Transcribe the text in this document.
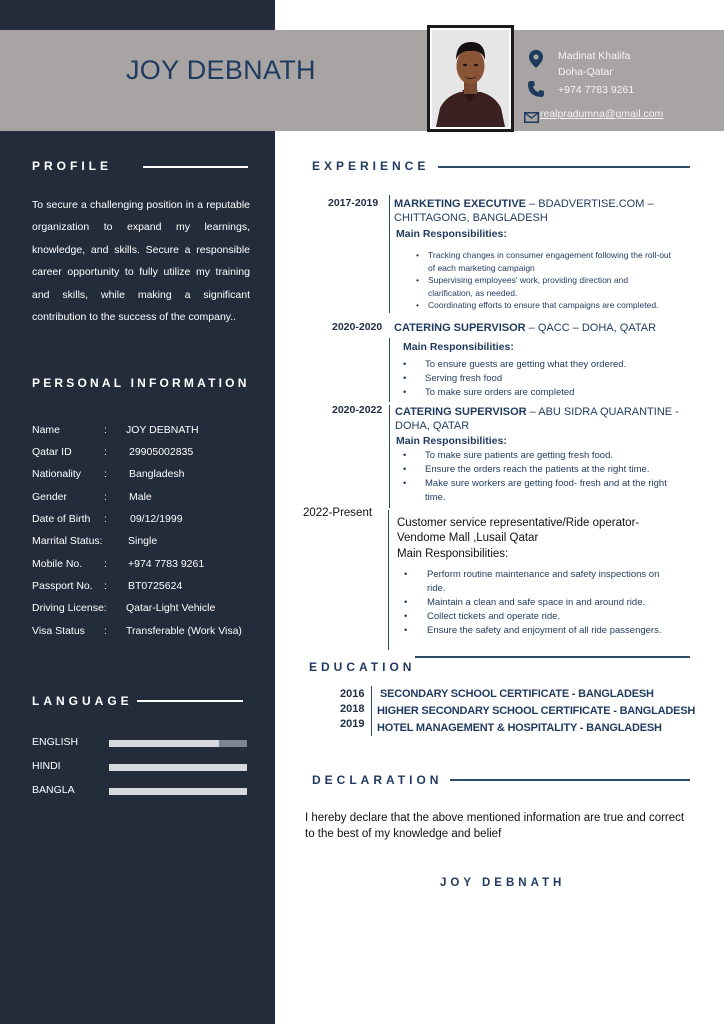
JOY DEBNATH	Madinat Khalifa
Doha-Qatar
+974 7783 9261
realpradumna@gmail.com
PROFILE
To secure a challenging position in a reputable organization to expand my learnings, knowledge, and skills. Secure a responsible career opportunity to fully utilize my training and skills, while making a significant contribution to the success of the company..
PERSONAL INFORMATION
Name	: JOY DEBNATH
Qatar ID	: 29905002835
Nationality : Bangladesh
Gender	: Male
Date of Birth : 09/12/1999
Marrital Status: Single
Mobile No. : +974 7783 9261
Passport No. : BT0725624
Driving License: Qatar-Light Vehicle
Visa Status : Transferable (Work Visa)
LANGUAGE
ENGLISH
HINDI
BANGLA
EXPERIENCE
2017-2019 MARKETING EXECUTIVE – BDADVERTISE.COM – CHITTAGONG, BANGLADESH
Main Responsibilities:
• Tracking changes in consumer engagement following the roll-out of each marketing campaign
• Supervising employees' work, providing direction and clarification, as needed.
• Coordinating efforts to ensure that campaigns are completed.
2020-2020 CATERING SUPERVISOR – QACC – DOHA, QATAR
Main Responsibilities:
• To ensure guests are getting what they ordered.
• Serving fresh food
• To make sure orders are completed
2020-2022 CATERING SUPERVISOR – ABU SIDRA QUARANTINE - DOHA, QATAR
Main Responsibilities:
• To make sure patients are getting fresh food.
• Ensure the orders reach the patients at the right time.
• Make sure workers are getting food- fresh and at the right time.
2022-Present
Customer service representative/Ride operator-
Vendome Mall ,Lusail Qatar
Main Responsibilities:
• Perform routine maintenance and safety inspections on ride.
• Maintain a clean and safe space in and around ride.
• Collect tickets and operate ride.
• Ensure the safety and enjoyment of all ride passengers.
EDUCATION
2016 SECONDARY SCHOOL CERTIFICATE - BANGLADESH
2018 HIGHER SECONDARY SCHOOL CERTIFICATE - BANGLADESH
2019 HOTEL MANAGEMENT & HOSPITALITY - BANGLADESH
DECLARATION
I hereby declare that the above mentioned information are true and correct to the best of my knowledge and belief
JOY DEBNATH
